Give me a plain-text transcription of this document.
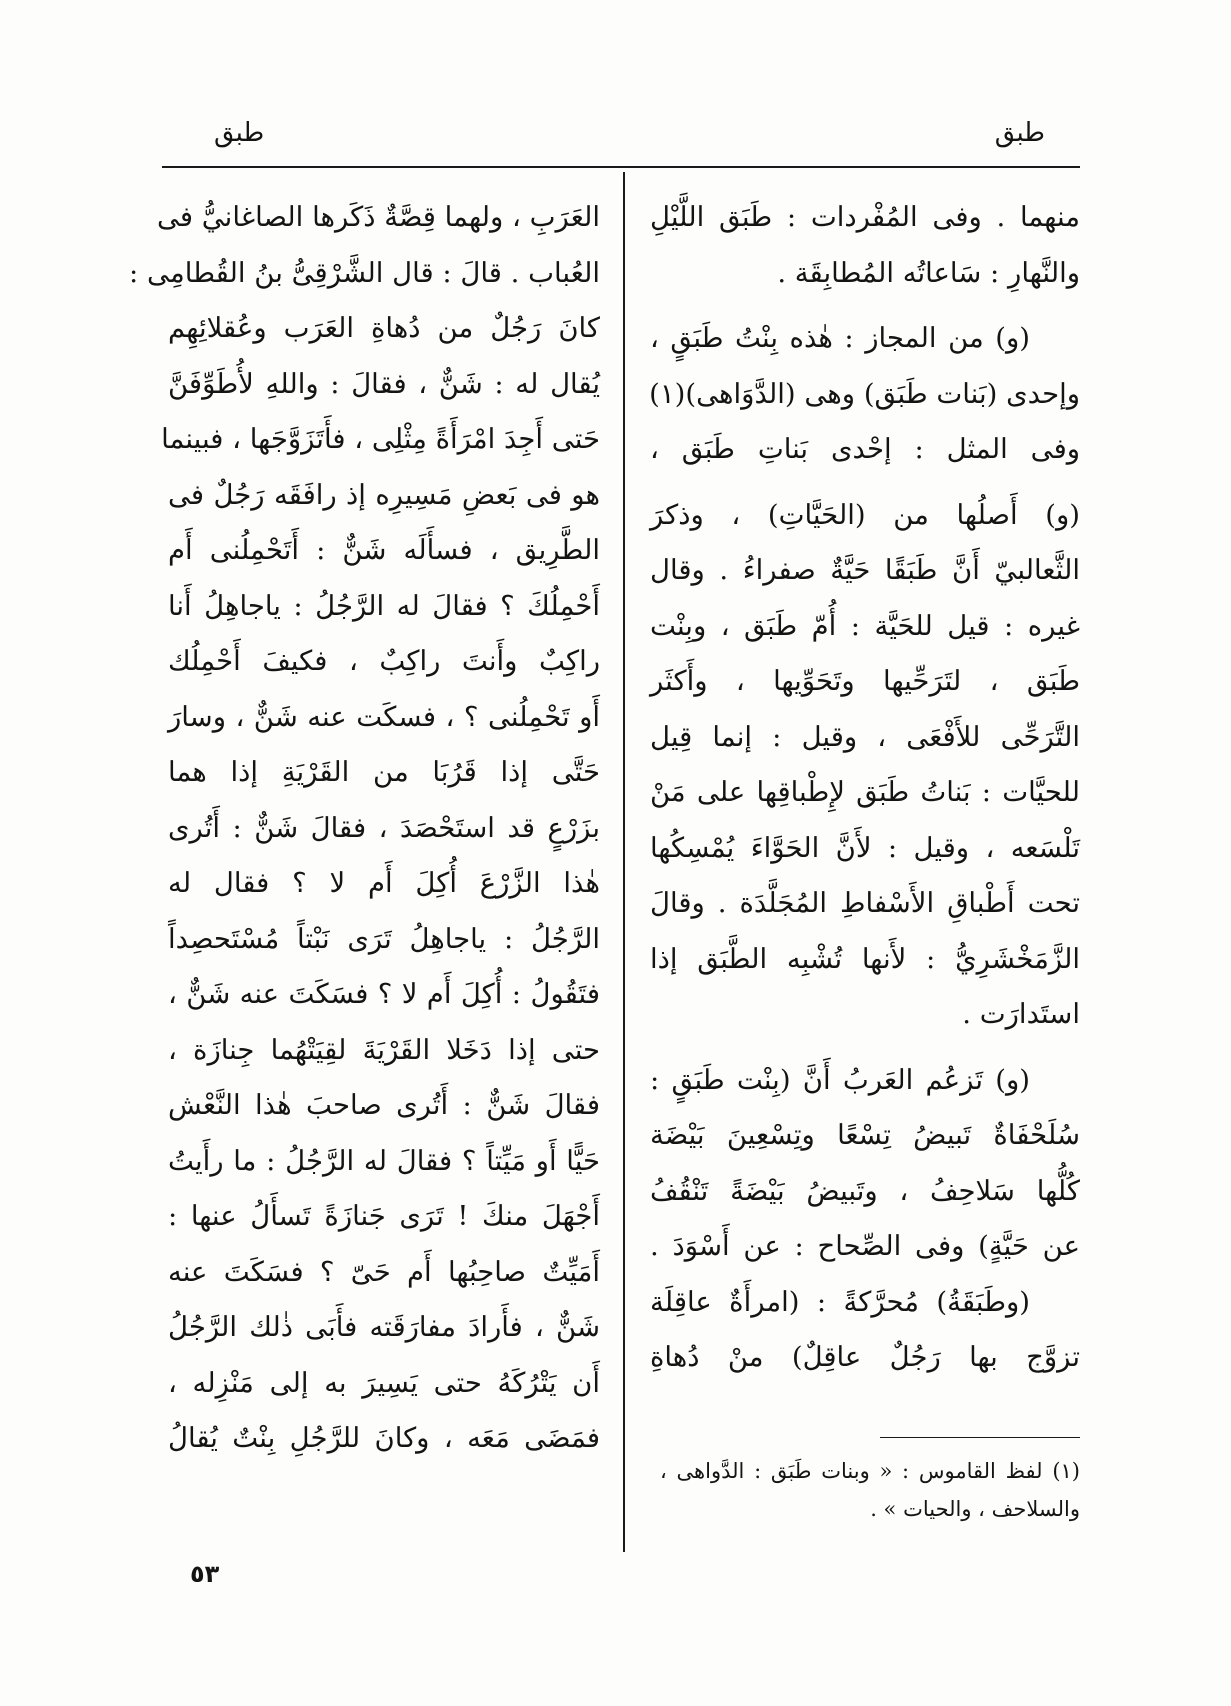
طبق
طبق
منهما . وفى المُفْردات : طَبَق اللَّيْلِ
والنَّهارِ : سَاعاتُه المُطابِقَة .
(و) من المجاز : هٰذه بِنْتُ طَبَقٍ ،
وإحدى (بَنات طَبَق) وهى (الدَّوَاهى)(١)
وفى المثل : إحْدى بَناتِ طَبَق ،
(و) أَصلُها من (الحَيَّاتِ) ، وذكرَ
الثَّعالبيّ أَنَّ طَبَقًا حَيَّةٌ صفراءُ . وقال
غيره : قيل للحَيَّة : أُمّ طَبَق ، وبِنْت
طَبَق ، لتَرَحِّيها وتَحَوِّيها ، وأَكثَر
التَّرَحِّى للأَفْعَى ، وقيل : إنما قِيل
للحيَّات : بَناتُ طَبَق لإِطْباقِها على مَنْ
تَلْسَعه ، وقيل : لأَنَّ الحَوَّاءَ يُمْسِكُها
تحت أَطْباقِ الأَسْفاطِ المُجَلَّدَة . وقالَ
الزَّمَخْشَرِيُّ : لأَنها تُشْبِه الطَّبَق إذا
استَدارَت .
(و) تَزعُم العَربُ أَنَّ (بِنْت طَبَقٍ :
سُلَحْفَاةٌ تَبيضُ تِسْعًا وتِسْعِينَ بَيْضَة
كُلُّها سَلاحِفُ ، وتَبيضُ بَيْضَةً تَنْقُفُ
عن حَيَّةٍ) وفى الصِّحاح : عن أَسْوَدَ .
(وطَبَقَةُ) مُحرَّكةً : (امرأَةٌ عاقِلَة
تزوَّج بها رَجُلٌ عاقِلٌ) منْ دُهاةِ
العَرَبِ ، ولهما قِصَّةٌ ذَكَرها الصاغانيُّ فى
العُباب . قالَ : قال الشَّرْقِىُّ بنُ القُطامِى :
كانَ رَجُلٌ من دُهاةِ العَرَب وعُقلائِهِم
يُقال له : شَنٌّ ، فقالَ : واللهِ لأُطَوِّفَنَّ
حَتى أَجِدَ امْرَأَةً مِثْلِى ، فأَتَزَوَّجَها ، فبينما
هو فى بَعضِ مَسِيرِه إذ رافَقَه رَجُلٌ فى
الطَّرِيق ، فسأَلَه شَنٌّ : أَتَحْمِلُنى أَم
أَحْمِلُكَ ؟ فقالَ له الرَّجُلُ : ياجاهِلُ أَنا
راكِبٌ وأَنتَ راكِبٌ ، فكيفَ أَحْمِلُك
أَو تَحْمِلُنى ؟ ، فسكَت عنه شَنٌّ ، وسارَ
حَتَّى إذا قَرُبَا من القَرْيَةِ إذا هما
بزَرْعٍ قد استَحْصَدَ ، فقالَ شَنٌّ : أَتُرى
هٰذا الزَّرْعَ أُكِلَ أَم لا ؟ فقال له
الرَّجُلُ : ياجاهِلُ تَرَى نَبْتاً مُسْتَحصِداً
فتَقُولُ : أُكِلَ أَم لا ؟ فسَكَتَ عنه شَنٌّ ،
حتى إذا دَخَلا القَرْيَةَ لقِيَتْهُما جِنازَة ،
فقالَ شَنٌّ : أَتُرى صاحبَ هٰذا النَّعْش
حَيًّا أَو مَيِّتاً ؟ فقالَ له الرَّجُلُ : ما رأَيتُ
أَجْهَلَ منكَ ! تَرَى جَنازَةً تَسأَلُ عنها :
أَمَيِّتٌ صاحِبُها أَم حَىّ ؟ فسَكَتَ عنه
شَنٌّ ، فأَرادَ مفارَقَته فأَبَى ذٰلك الرَّجُلُ
أَن يَتْرُكَهُ حتى يَسِيرَ به إلى مَنْزِله ،
فمَضَى مَعَه ، وكانَ للرَّجُلِ بِنْتٌ يُقالُ
(١) لفظ القاموس : « وبنات طَبَق : الدَّواهى ،
والسلاحف ، والحيات » .
٥٣
